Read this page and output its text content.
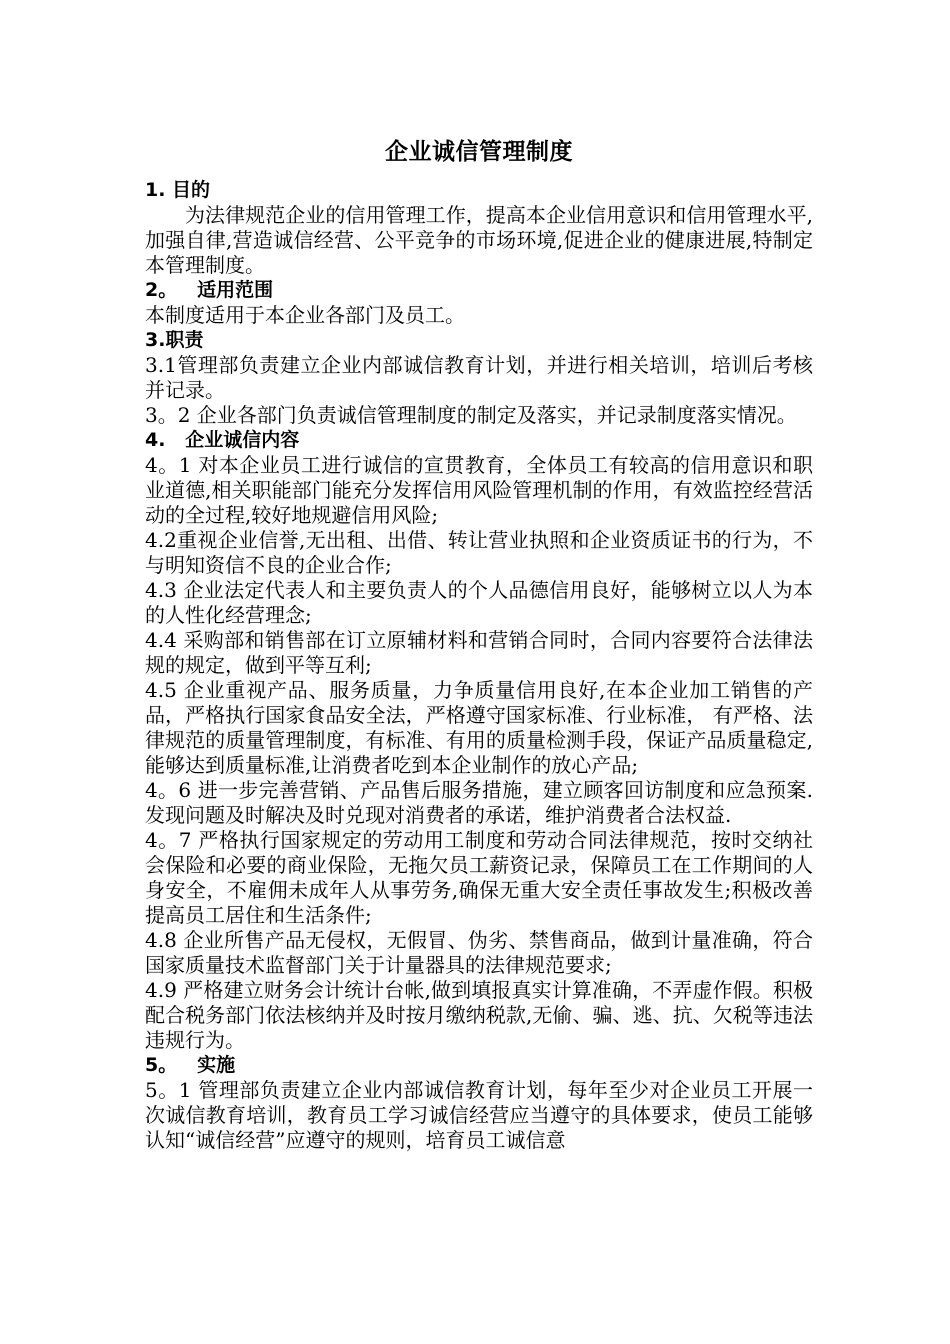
企业诚信管理制度
1. 目的
为法律规范企业的信用管理工作，提高本企业信用意识和信用管理水平,加强自律,营造诚信经营、公平竞争的市场环境,促进企业的健康进展,特制定本管理制度。
2。   适用范围
本制度适用于本企业各部门及员工。
3.职责
3.1管理部负责建立企业内部诚信教育计划，并进行相关培训，培训后考核并记录。
3。2 企业各部门负责诚信管理制度的制定及落实，并记录制度落实情况。
4.   企业诚信内容
4。1 对本企业员工进行诚信的宣贯教育，全体员工有较高的信用意识和职业道德,相关职能部门能充分发挥信用风险管理机制的作用，有效监控经营活动的全过程,较好地规避信用风险;
4.2重视企业信誉,无出租、出借、转让营业执照和企业资质证书的行为，不与明知资信不良的企业合作;
4.3 企业法定代表人和主要负责人的个人品德信用良好，能够树立以人为本的人性化经营理念;
4.4 采购部和销售部在订立原辅材料和营销合同时，合同内容要符合法律法规的规定，做到平等互利;
4.5 企业重视产品、服务质量，力争质量信用良好,在本企业加工销售的产品，严格执行国家食品安全法，严格遵守国家标准、行业标准， 有严格、法律规范的质量管理制度，有标准、有用的质量检测手段，保证产品质量稳定,能够达到质量标准,让消费者吃到本企业制作的放心产品;
4。6 进一步完善营销、产品售后服务措施，建立顾客回访制度和应急预案.发现问题及时解决及时兑现对消费者的承诺，维护消费者合法权益.
4。7 严格执行国家规定的劳动用工制度和劳动合同法律规范，按时交纳社会保险和必要的商业保险，无拖欠员工薪资记录，保障员工在工作期间的人身安全，不雇佣未成年人从事劳务,确保无重大安全责任事故发生;积极改善提高员工居住和生活条件;
4.8 企业所售产品无侵权，无假冒、伪劣、禁售商品，做到计量准确，符合国家质量技术监督部门关于计量器具的法律规范要求;
4.9 严格建立财务会计统计台帐,做到填报真实计算准确，不弄虚作假。积极配合税务部门依法核纳并及时按月缴纳税款,无偷、骗、逃、抗、欠税等违法违规行为。
5。   实施
5。1 管理部负责建立企业内部诚信教育计划，每年至少对企业员工开展一次诚信教育培训，教育员工学习诚信经营应当遵守的具体要求，使员工能够认知“诚信经营”应遵守的规则，培育员工诚信意
